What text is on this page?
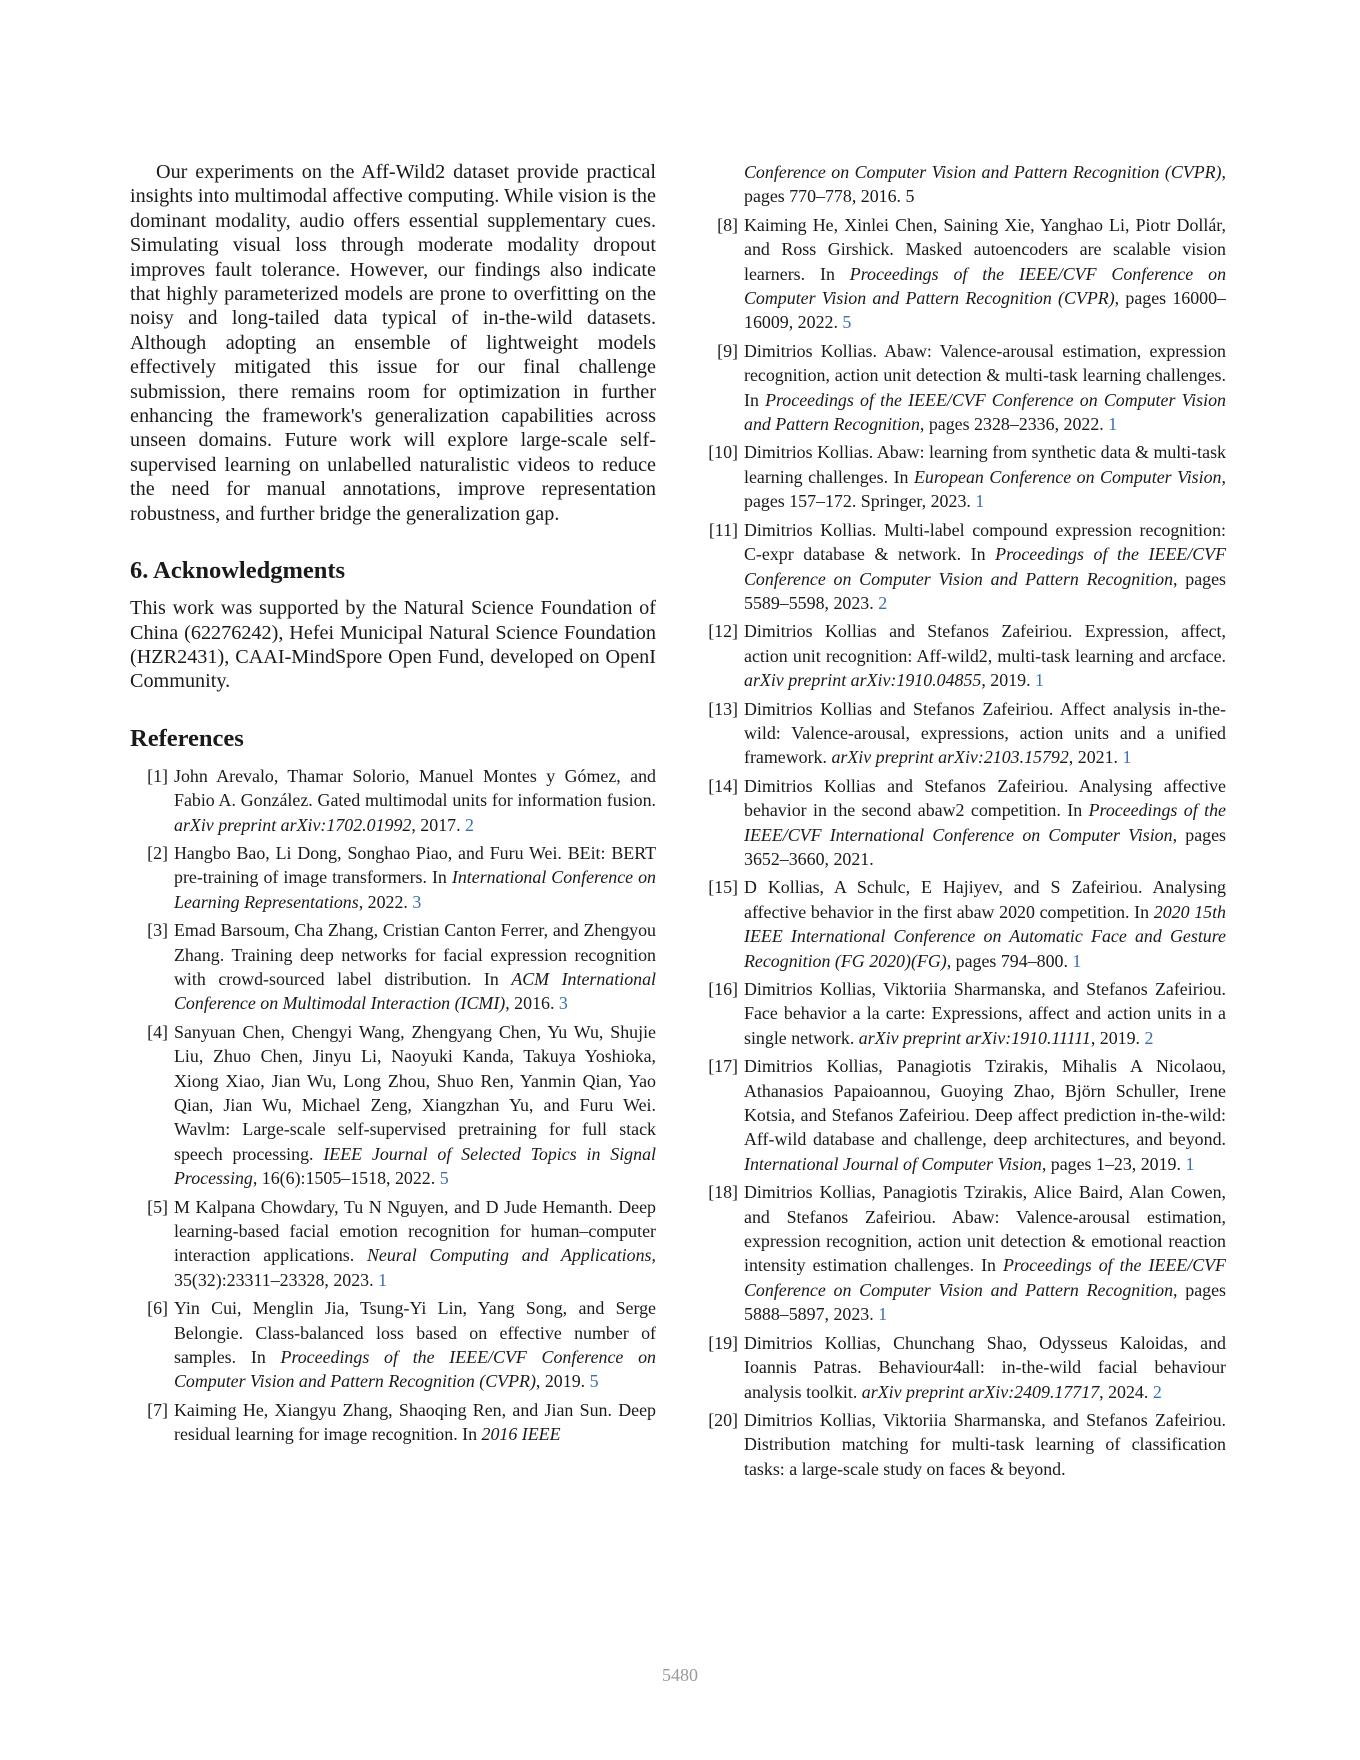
Our experiments on the Aff-Wild2 dataset provide practical insights into multimodal affective computing. While vision is the dominant modality, audio offers essential supplementary cues. Simulating visual loss through moderate modality dropout improves fault tolerance. However, our findings also indicate that highly parameterized models are prone to overfitting on the noisy and long-tailed data typical of in-the-wild datasets. Although adopting an ensemble of lightweight models effectively mitigated this issue for our final challenge submission, there remains room for optimization in further enhancing the framework's generalization capabilities across unseen domains. Future work will explore large-scale self-supervised learning on unlabelled naturalistic videos to reduce the need for manual annotations, improve representation robustness, and further bridge the generalization gap.

6. Acknowledgments

This work was supported by the Natural Science Foundation of China (62276242), Hefei Municipal Natural Science Foundation (HZR2431), CAAI-MindSpore Open Fund, developed on OpenI Community.

References
[1] John Arevalo, Thamar Solorio, Manuel Montes y Gómez, and Fabio A. González. Gated multimodal units for information fusion. arXiv preprint arXiv:1702.01992, 2017. 2
[2] Hangbo Bao, Li Dong, Songhao Piao, and Furu Wei. BEit: BERT pre-training of image transformers. In International Conference on Learning Representations, 2022. 3
[3] Emad Barsoum, Cha Zhang, Cristian Canton Ferrer, and Zhengyou Zhang. Training deep networks for facial expression recognition with crowd-sourced label distribution. In ACM International Conference on Multimodal Interaction (ICMI), 2016. 3
[4] Sanyuan Chen, Chengyi Wang, Zhengyang Chen, Yu Wu, Shujie Liu, Zhuo Chen, Jinyu Li, Naoyuki Kanda, Takuya Yoshioka, Xiong Xiao, Jian Wu, Long Zhou, Shuo Ren, Yanmin Qian, Yao Qian, Jian Wu, Michael Zeng, Xiangzhan Yu, and Furu Wei. Wavlm: Large-scale self-supervised pretraining for full stack speech processing. IEEE Journal of Selected Topics in Signal Processing, 16(6):1505–1518, 2022. 5
[5] M Kalpana Chowdary, Tu N Nguyen, and D Jude Hemanth. Deep learning-based facial emotion recognition for human–computer interaction applications. Neural Computing and Applications, 35(32):23311–23328, 2023. 1
[6] Yin Cui, Menglin Jia, Tsung-Yi Lin, Yang Song, and Serge Belongie. Class-balanced loss based on effective number of samples. In Proceedings of the IEEE/CVF Conference on Computer Vision and Pattern Recognition (CVPR), 2019. 5
[7] Kaiming He, Xiangyu Zhang, Shaoqing Ren, and Jian Sun. Deep residual learning for image recognition. In 2016 IEEE
Conference on Computer Vision and Pattern Recognition (CVPR), pages 770–778, 2016. 5
[8] Kaiming He, Xinlei Chen, Saining Xie, Yanghao Li, Piotr Dollár, and Ross Girshick. Masked autoencoders are scalable vision learners. In Proceedings of the IEEE/CVF Conference on Computer Vision and Pattern Recognition (CVPR), pages 16000–16009, 2022. 5
[9] Dimitrios Kollias. Abaw: Valence-arousal estimation, expression recognition, action unit detection & multi-task learning challenges. In Proceedings of the IEEE/CVF Conference on Computer Vision and Pattern Recognition, pages 2328–2336, 2022. 1
[10] Dimitrios Kollias. Abaw: learning from synthetic data & multi-task learning challenges. In European Conference on Computer Vision, pages 157–172. Springer, 2023. 1
[11] Dimitrios Kollias. Multi-label compound expression recognition: C-expr database & network. In Proceedings of the IEEE/CVF Conference on Computer Vision and Pattern Recognition, pages 5589–5598, 2023. 2
[12] Dimitrios Kollias and Stefanos Zafeiriou. Expression, affect, action unit recognition: Aff-wild2, multi-task learning and arcface. arXiv preprint arXiv:1910.04855, 2019. 1
[13] Dimitrios Kollias and Stefanos Zafeiriou. Affect analysis in-the-wild: Valence-arousal, expressions, action units and a unified framework. arXiv preprint arXiv:2103.15792, 2021. 1
[14] Dimitrios Kollias and Stefanos Zafeiriou. Analysing affective behavior in the second abaw2 competition. In Proceedings of the IEEE/CVF International Conference on Computer Vision, pages 3652–3660, 2021.
[15] D Kollias, A Schulc, E Hajiyev, and S Zafeiriou. Analysing affective behavior in the first abaw 2020 competition. In 2020 15th IEEE International Conference on Automatic Face and Gesture Recognition (FG 2020)(FG), pages 794–800. 1
[16] Dimitrios Kollias, Viktoriia Sharmanska, and Stefanos Zafeiriou. Face behavior a la carte: Expressions, affect and action units in a single network. arXiv preprint arXiv:1910.11111, 2019. 2
[17] Dimitrios Kollias, Panagiotis Tzirakis, Mihalis A Nicolaou, Athanasios Papaioannou, Guoying Zhao, Björn Schuller, Irene Kotsia, and Stefanos Zafeiriou. Deep affect prediction in-the-wild: Aff-wild database and challenge, deep architectures, and beyond. International Journal of Computer Vision, pages 1–23, 2019. 1
[18] Dimitrios Kollias, Panagiotis Tzirakis, Alice Baird, Alan Cowen, and Stefanos Zafeiriou. Abaw: Valence-arousal estimation, expression recognition, action unit detection & emotional reaction intensity estimation challenges. In Proceedings of the IEEE/CVF Conference on Computer Vision and Pattern Recognition, pages 5888–5897, 2023. 1
[19] Dimitrios Kollias, Chunchang Shao, Odysseus Kaloidas, and Ioannis Patras. Behaviour4all: in-the-wild facial behaviour analysis toolkit. arXiv preprint arXiv:2409.17717, 2024. 2
[20] Dimitrios Kollias, Viktoriia Sharmanska, and Stefanos Zafeiriou. Distribution matching for multi-task learning of classification tasks: a large-scale study on faces & beyond.
5480
